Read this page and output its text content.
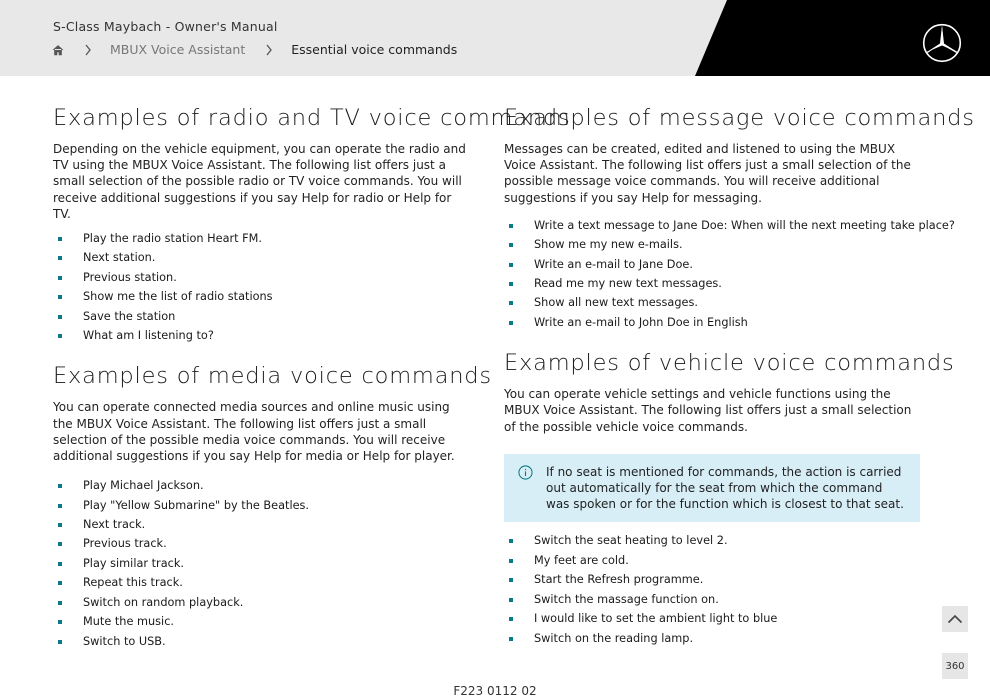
S-Class Maybach - Owner's Manual
MBUX Voice Assistant	Essential voice commands
Examples of radio and TV voice commands

Depending on the vehicle equipment, you can operate the radio and TV using the MBUX Voice Assistant. The following list offers just a small selection of the possible radio or TV voice commands. You will receive additional suggestions if you say Help for radio or Help for TV.

Play the radio station Heart FM.
Next station.
Previous station.
Show me the list of radio stations
Save the station
What am I listening to?
Examples of media voice commands

You can operate connected media sources and online music using the MBUX Voice Assistant. The following list offers just a small selection of the possible media voice commands. You will receive additional suggestions if you say Help for media or Help for player.

Play Michael Jackson.
Play "Yellow Submarine" by the Beatles.
Next track.
Previous track.
Play similar track.
Repeat this track.
Switch on random playback.
Mute the music.
Switch to USB.
Examples of message voice commands

Messages can be created, edited and listened to using the MBUX Voice Assistant. The following list offers just a small selection of the possible message voice commands. You will receive additional suggestions if you say Help for messaging.

Write a text message to Jane Doe: When will the next meeting take place?
Show me my new e-mails.
Write an e-mail to Jane Doe.
Read me my new text messages.
Show all new text messages.
Write an e-mail to John Doe in English
Examples of vehicle voice commands

You can operate vehicle settings and vehicle functions using the MBUX Voice Assistant. The following list offers just a small selection of the possible vehicle voice commands.

If no seat is mentioned for commands, the action is carried out automatically for the seat from which the command was spoken or for the function which is closest to that seat.
Switch the seat heating to level 2.
My feet are cold.
Start the Refresh programme.
Switch the massage function on.
I would like to set the ambient light to blue
Switch on the reading lamp.
360
F223 0112 02
